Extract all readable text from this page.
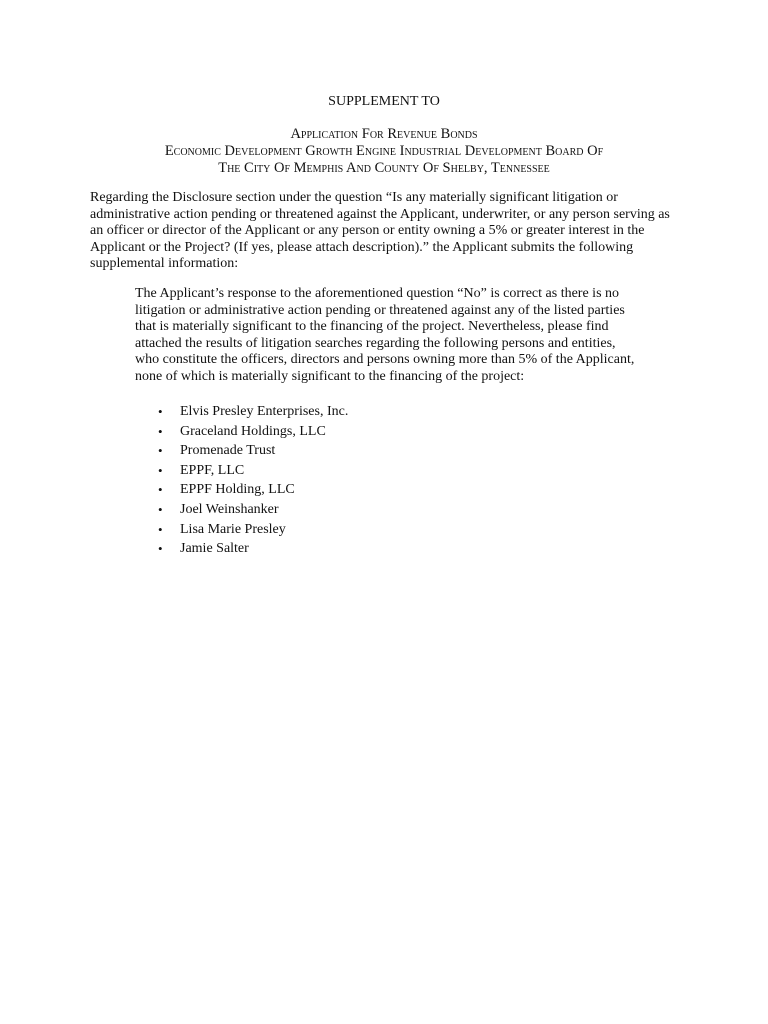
SUPPLEMENT TO
Application For Revenue Bonds
Economic Development Growth Engine Industrial Development Board Of
The City Of Memphis And County Of Shelby, Tennessee
Regarding the Disclosure section under the question “Is any materially significant litigation or
administrative action pending or threatened against the Applicant, underwriter, or any person serving as
an officer or director of the Applicant or any person or entity owning a 5% or greater interest in the
Applicant or the Project? (If yes, please attach description).” the Applicant submits the following
supplemental information:
The Applicant’s response to the aforementioned question “No” is correct as there is no
litigation or administrative action pending or threatened against any of the listed parties
that is materially significant to the financing of the project. Nevertheless, please find
attached the results of litigation searches regarding the following persons and entities,
who constitute the officers, directors and persons owning more than 5% of the Applicant,
none of which is materially significant to the financing of the project:
• Elvis Presley Enterprises, Inc.
• Graceland Holdings, LLC
• Promenade Trust
• EPPF, LLC
• EPPF Holding, LLC
• Joel Weinshanker
• Lisa Marie Presley
• Jamie Salter
